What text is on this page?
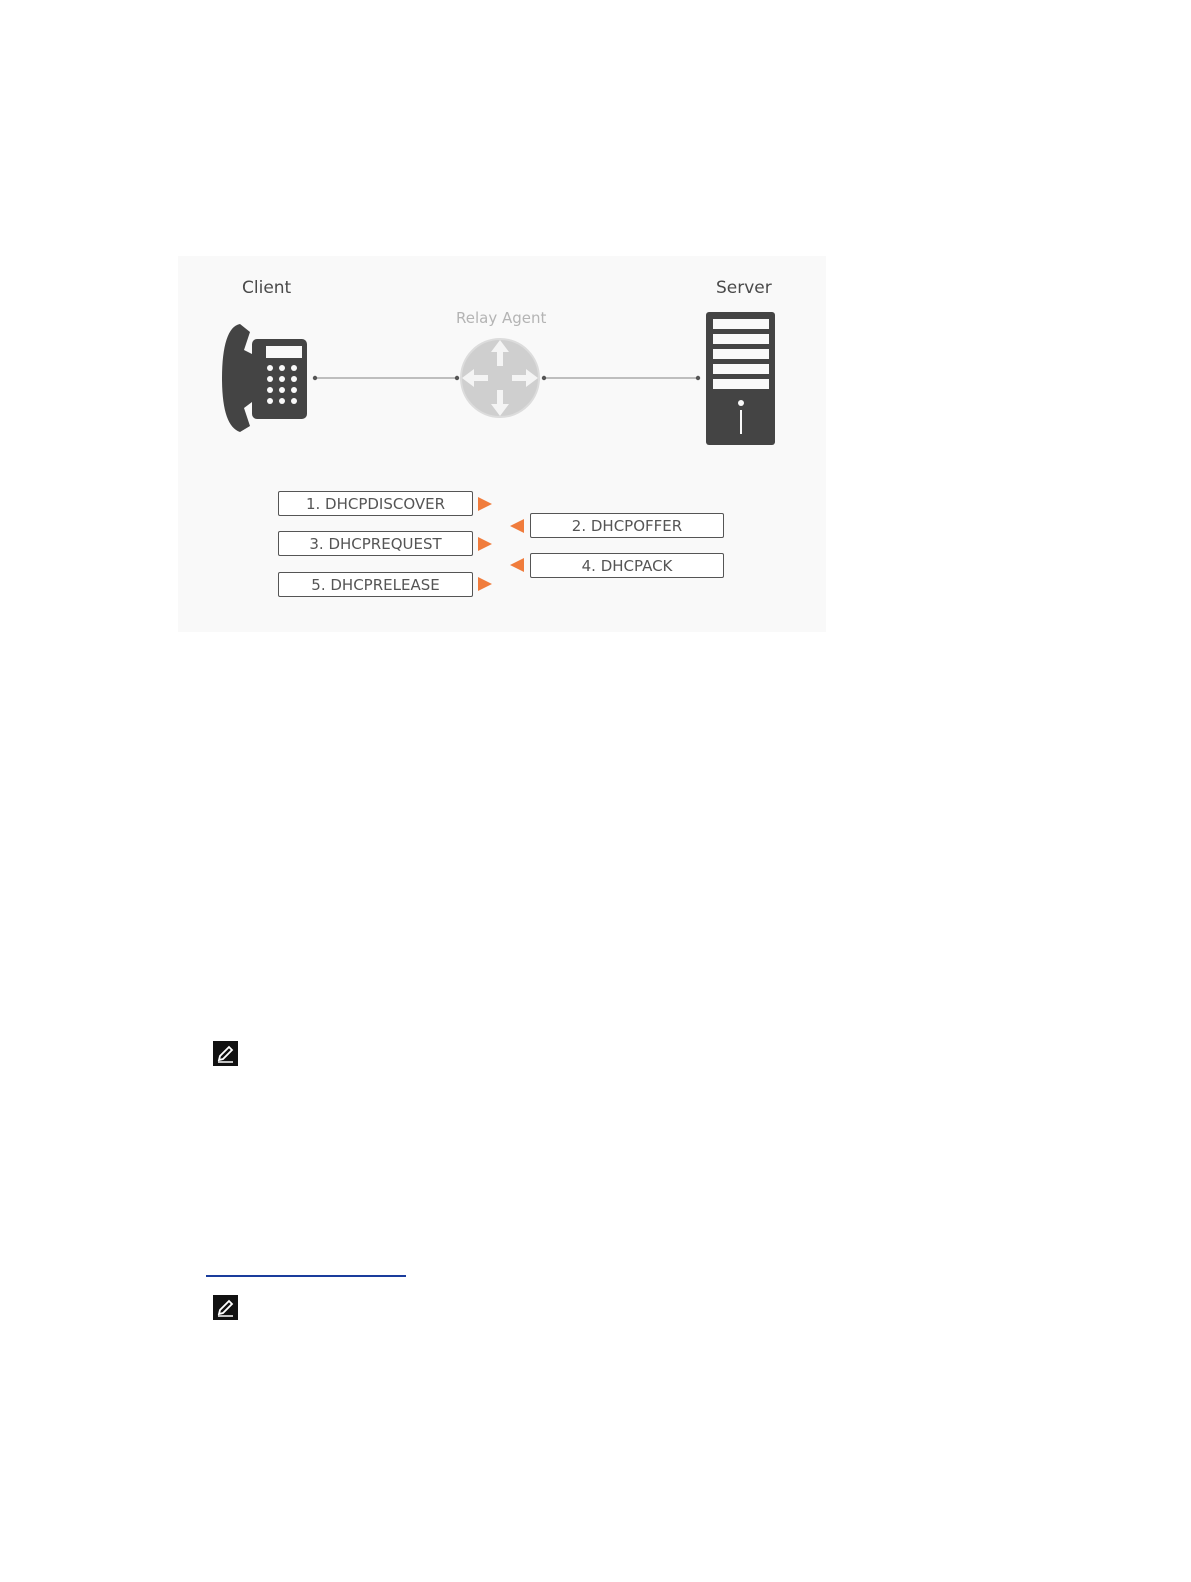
Client	Server
Relay Agent
1. DHCPDISCOVER
2. DHCPOFFER
3. DHCPREQUEST
4. DHCPACK
5. DHCPRELEASE
